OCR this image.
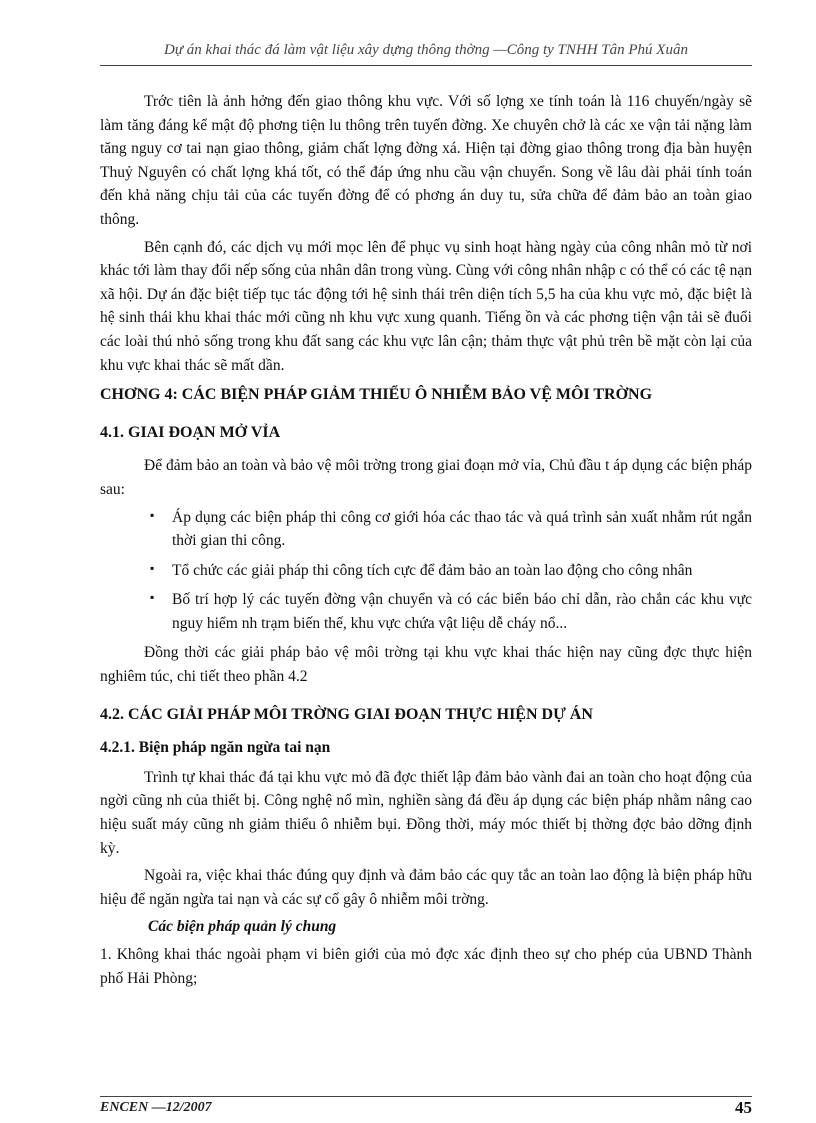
Dự án khai thác đá làm vật liệu xây dựng thông thờng —Công ty TNHH Tân Phú Xuân

Trớc tiên là ảnh hởng đến giao thông khu vực. Với số lợng xe tính toán là 116 chuyến/ngày sẽ làm tăng đáng kể mật độ phơng tiện lu thông trên tuyến đờng. Xe chuyên chở là các xe vận tải nặng làm tăng nguy cơ tai nạn giao thông, giảm chất lợng đờng xá. Hiện tại đờng giao thông trong địa bàn huyện Thuỷ Nguyên có chất lợng khá tốt, có thể đáp ứng nhu cầu vận chuyển. Song về lâu dài phải tính toán đến khả năng chịu tải của các tuyến đờng để có phơng án duy tu, sửa chữa để đảm bảo an toàn giao thông.

Bên cạnh đó, các dịch vụ mới mọc lên để phục vụ sinh hoạt hàng ngày của công nhân mỏ từ nơi khác tới làm thay đổi nếp sống của nhân dân trong vùng. Cùng với công nhân nhập c có thể có các tệ nạn xã hội. Dự án đặc biệt tiếp tục tác động tới hệ sinh thái trên diện tích 5,5 ha của khu vực mỏ, đặc biệt là hệ sinh thái khu khai thác mới cũng nh khu vực xung quanh. Tiếng ồn và các phơng tiện vận tải sẽ đuổi các loài thú nhỏ sống trong khu đất sang các khu vực lân cận; thảm thực vật phủ trên bề mặt còn lại của khu vực khai thác sẽ mất dần.

CHƠNG 4: CÁC BIỆN PHÁP GIẢM THIỂU Ô NHIỄM BẢO VỆ MÔI TRỜNG
4.1. GIAI ĐOẠN MỞ VỈA

Để đảm bảo an toàn và bảo vệ môi trờng trong giai đoạn mở vỉa, Chủ đầu t áp dụng các biện pháp sau:

▪ Áp dụng các biện pháp thi công cơ giới hóa các thao tác và quá trình sản xuất nhằm rút ngắn thời gian thi công.
▪ Tổ chức các giải pháp thi công tích cực để đảm bảo an toàn lao động cho công nhân
▪ Bố trí hợp lý các tuyến đờng vận chuyển và có các biển báo chỉ dẫn, rào chắn các khu vực nguy hiểm nh trạm biến thế, khu vực chứa vật liệu dễ cháy nổ...

Đồng thời các giải pháp bảo vệ môi trờng tại khu vực khai thác hiện nay cũng đợc thực hiện nghiêm túc, chi tiết theo phần 4.2

4.2. CÁC GIẢI PHÁP MÔI TRỜNG GIAI ĐOẠN THỰC HIỆN DỰ ÁN
4.2.1. Biện pháp ngăn ngừa tai nạn

Trình tự khai thác đá tại khu vực mỏ đã đợc thiết lập đảm bảo vành đai an toàn cho hoạt động của ngời cũng nh của thiết bị. Công nghệ nổ mìn, nghiền sàng đá đều áp dụng các biện pháp nhằm nâng cao hiệu suất máy cũng nh giảm thiểu ô nhiễm bụi. Đồng thời, máy móc thiết bị thờng đợc bảo dỡng định kỳ.

Ngoài ra, việc khai thác đúng quy định và đảm bảo các quy tắc an toàn lao động là biện pháp hữu hiệu để ngăn ngừa tai nạn và các sự cố gây ô nhiễm môi trờng.

Các biện pháp quản lý chung

1. Không khai thác ngoài phạm vi biên giới của mỏ đợc xác định theo sự cho phép của UBND Thành phố Hải Phòng;

ENCEN —12/2007	45
